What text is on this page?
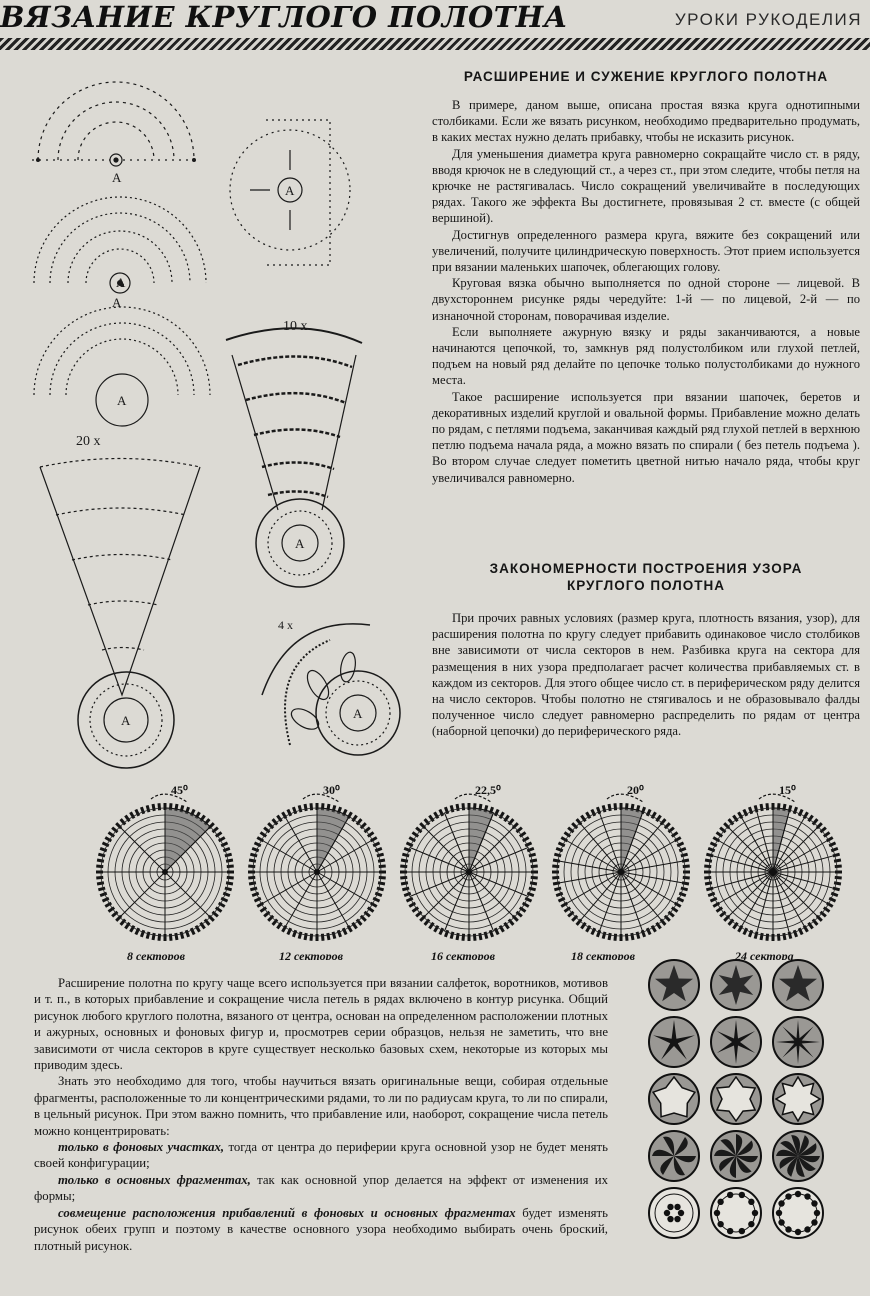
ВЯЗАНИЕ КРУГЛОГО ПОЛОТНА	УРОКИ РУКОДЕЛИЯ
А
А
А
А
А
А
А
А
10 х
20 х
4 х
РАСШИРЕНИЕ И СУЖЕНИЕ КРУГЛОГО ПОЛОТНА

В примере, даном выше, описана простая вязка круга однотипными столбиками. Если же вязать рисунком, необходимо предварительно продумать, в каких местах нужно делать прибавку, чтобы не исказить рисунок.

Для уменьшения диаметра круга равномерно сокращайте число ст. в ряду, вводя крючок не в следующий ст., а через ст., при этом следите, чтобы петля на крючке не растягивалась. Число сокращений увеличивайте в последующих рядах. Такого же эффекта Вы достигнете, провязывая 2 ст. вместе (с общей вершиной).

Достигнув определенного размера круга, вяжите без сокращений или увеличений, получите цилиндрическую поверхность. Этот прием используется при вязании маленьких шапочек, облегающих голову.

Круговая вязка обычно выполняется по одной стороне — лицевой. В двухстороннем рисунке ряды чередуйте: 1-й — по лицевой, 2-й — по изнаночной сторонам, поворачивая изделие.

Если выполняете ажурную вязку и ряды заканчиваются, а новые начинаются цепочкой, то, замкнув ряд полустолбиком или глухой петлей, подъем на новый ряд делайте по цепочке только полустолбиками до нужного места.

Такое расширение используется при вязании шапочек, беретов и декоративных изделий круглой и овальной формы. Прибавление можно делать по рядам, с петлями подъема, заканчивая каждый ряд глухой петлей в верхнюю петлю подъема начала ряда, а можно вязать по спирали ( без петель подъема ). Во втором случае следует пометить цветной нитью начало ряда, чтобы круг увеличивался равномерно.

ЗАКОНОМЕРНОСТИ ПОСТРОЕНИЯ УЗОРА
КРУГЛОГО ПОЛОТНА

При прочих равных условиях (размер круга, плотность вязания, узор), для расширения полотна по кругу следует прибавить одинаковое число столбиков вне зависимоти от числа секторов в нем. Разбивка круга на сектора для размещения в них узора предполагает расчет количества прибавляемых ст. в каждом из секторов. Для этого общее число ст. в периферическом ряду делится на число секторов. Чтобы полотно не стягивалось и не образовывало фалды полученное число следует равномерно распределить по рядам от центра (наборной цепочки) до периферического ряда.

45⁰
8 секторов
30⁰
12 секторов
22,5⁰
16 секторов
20⁰
18 секторов
15⁰
24 сектора

Расширение полотна по кругу чаще всего используется при вязании салфеток, воротников, мотивов и т. п., в которых прибавление и сокращение числа петель в рядах включено в контур рисунка. Общий рисунок любого круглого полотна, вязаного от центра, основан на определенном расположении плотных и ажурных, основных и фоновых фигур и, просмотрев серии образцов, нельзя не заметить, что вне зависимоти от числа секторов в круге существует несколько базовых схем, некоторые из которых мы приводим здесь.

Знать это необходимо для того, чтобы научиться вязать оригинальные вещи, собирая отдельные фрагменты, расположенные то ли концентрическими рядами, то ли по радиусам круга, то ли по спирали, в цельный рисунок. При этом важно помнить, что прибавление или, наоборот, сокращение числа петель можно концентрировать:

только в фоновых участках, тогда от центра до периферии круга основной узор не будет менять своей конфигурации;

только в основных фрагментах, так как основной упор делается на эффект от изменения их формы;

совмещение расположения прибавлений в фоновых и основных фрагментах будет изменять рисунок обеих групп и поэтому в качестве основного узора необходимо выбирать очень броский, плотный рисунок.
